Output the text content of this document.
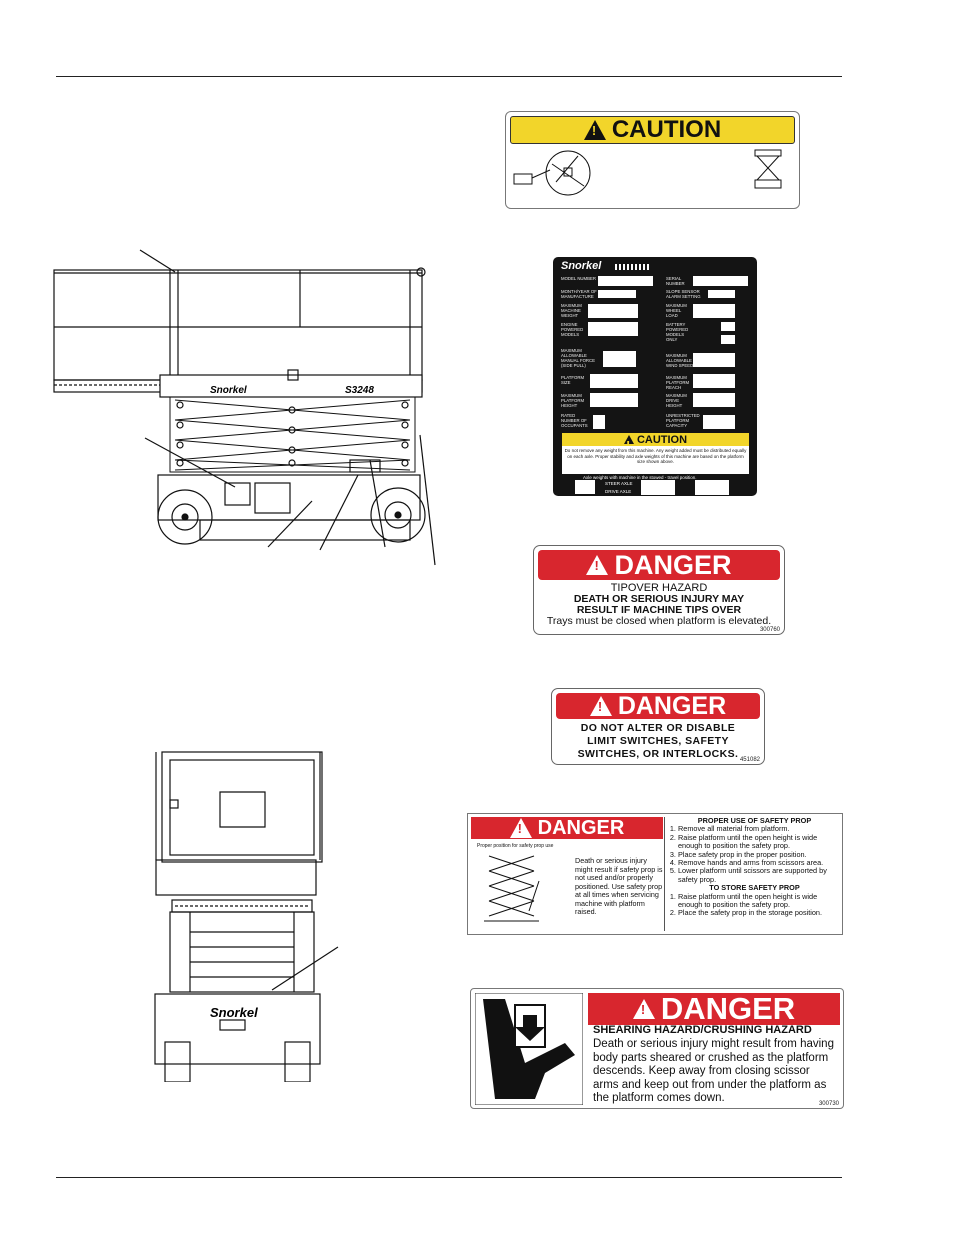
Snorkel	S3248
Snorkel
!
CAUTION
Snorkel
MODEL NUMBER
MONTH/YEAR OF MANUFACTURE
MAXIMUM MACHINE WEIGHT
ENGINE POWERED MODELS
MAXIMUM ALLOWABLE MANUAL FORCE (SIDE PULL)
PLATFORM SIZE
MAXIMUM PLATFORM HEIGHT
RATED NUMBER OF OCCUPANTS
SERIAL NUMBER
SLOPE SENSOR ALARM SETTING
MAXIMUM WHEEL LOAD
BATTERY POWERED MODELS ONLY
MAXIMUM ALLOWABLE WIND SPEED
MAXIMUM PLATFORM REACH
MAXIMUM DRIVE HEIGHT
UNRESTRICTED PLATFORM CAPACITY
!
CAUTION
Do not remove any weight from this machine. Any weight added must be distributed equally on each axle. Proper stability and axle weights of this machine are based on the platform size shown above.
Axle weights with machine in the stowed - travel position.
STEER AXLE
DRIVE AXLE
!
DANGER
TIPOVER HAZARD
DEATH OR SERIOUS INJURY MAY
RESULT IF MACHINE TIPS OVER
Trays must be closed when platform is elevated.
300760
!
DANGER
DO NOT ALTER OR DISABLE
LIMIT SWITCHES, SAFETY
SWITCHES, OR INTERLOCKS. 451082
!
DANGER
Proper position for safety prop use
Death or serious injury might result if safety prop is not used and/or properly positioned. Use safety prop at all times when servicing machine with platform raised.
PROPER USE OF SAFETY PROP
1. Remove all material from platform.
2. Raise platform until the open height is wide enough to position the safety prop.
3. Place safety prop in the proper position.
4. Remove hands and arms from scissors area.
5. Lower platform until scissors are supported by safety prop.
TO STORE SAFETY PROP
1. Raise platform until the open height is wide enough to position the safety prop.
2. Place the safety prop in the storage position.
!
DANGER
SHEARING HAZARD/CRUSHING HAZARD
Death or serious injury might result from having body parts sheared or crushed as the platform descends. Keep away from closing scissor arms and keep out from under the platform as the platform comes down.	300730
